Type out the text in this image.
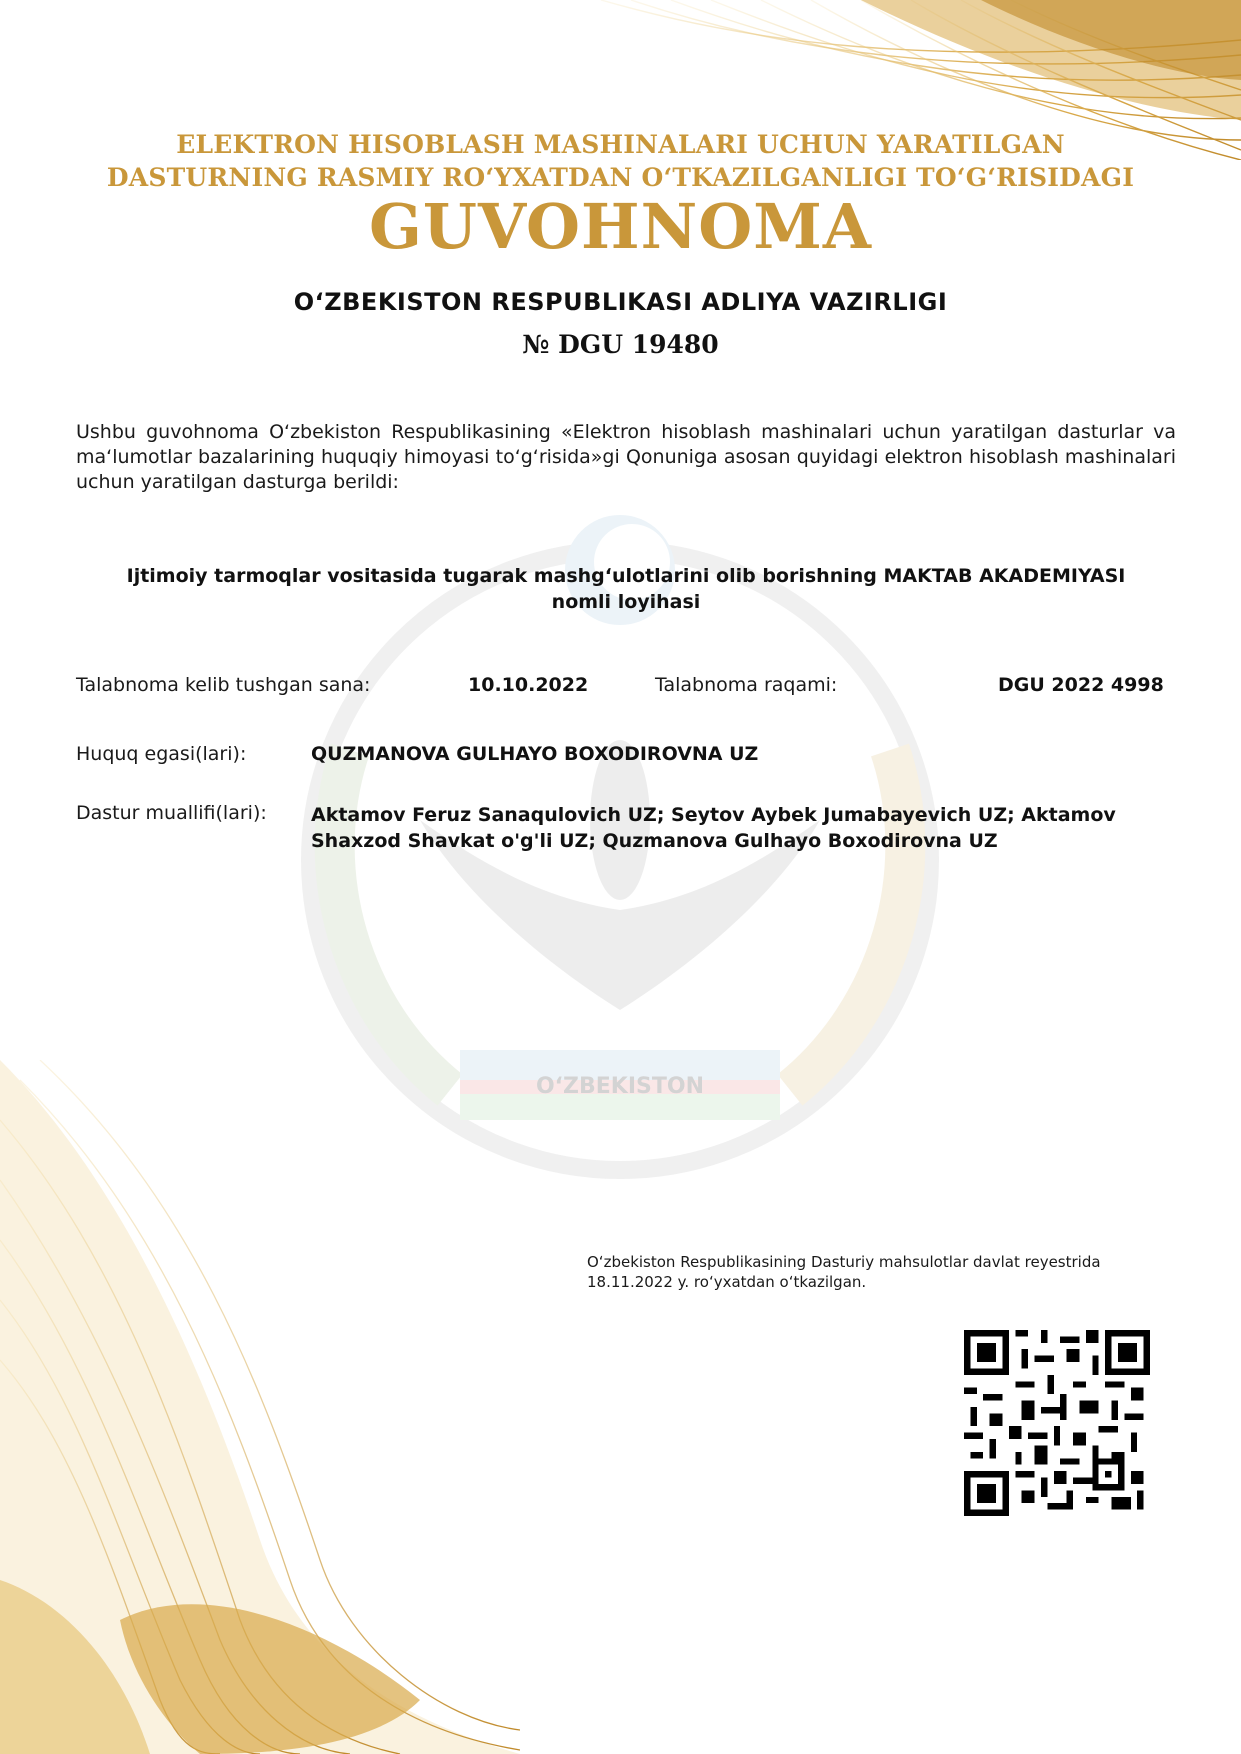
OʻZBEKISTON
ELEKTRON HISOBLASH MASHINALARI UCHUN YARATILGAN
DASTURNING RASMIY ROʻYXATDAN OʻTKAZILGANLIGI TOʻGʻRISIDAGI
GUVOHNOMA
OʻZBEKISTON RESPUBLIKASI ADLIYA VAZIRLIGI
№ DGU 19480
Ushbu guvohnoma Oʻzbekiston Respublikasining «Elektron hisoblash mashinalari uchun yaratilgan dasturlar va maʻlumotlar bazalarining huquqiy himoyasi toʻgʻrisida»gi Qonuniga asosan quyidagi elektron hisoblash mashinalari uchun yaratilgan dasturga berildi:
Ijtimoiy tarmoqlar vositasida tugarak mashgʻulotlarini olib borishning MAKTAB AKADEMIYASI
nomli loyihasi
Talabnoma kelib tushgan sana:	10.10.2022	Talabnoma raqami:	DGU 2022 4998
Huquq egasi(lari):	QUZMANOVA GULHAYO BOXODIROVNA UZ
Dastur muallifi(lari): Aktamov Feruz Sanaqulovich UZ; Seytov Aybek Jumabayevich UZ; Aktamov
Shaxzod Shavkat o'g'li UZ; Quzmanova Gulhayo Boxodirovna UZ
Oʻzbekiston Respublikasining Dasturiy mahsulotlar davlat reyestrida
18.11.2022 y. roʻyxatdan oʻtkazilgan.
